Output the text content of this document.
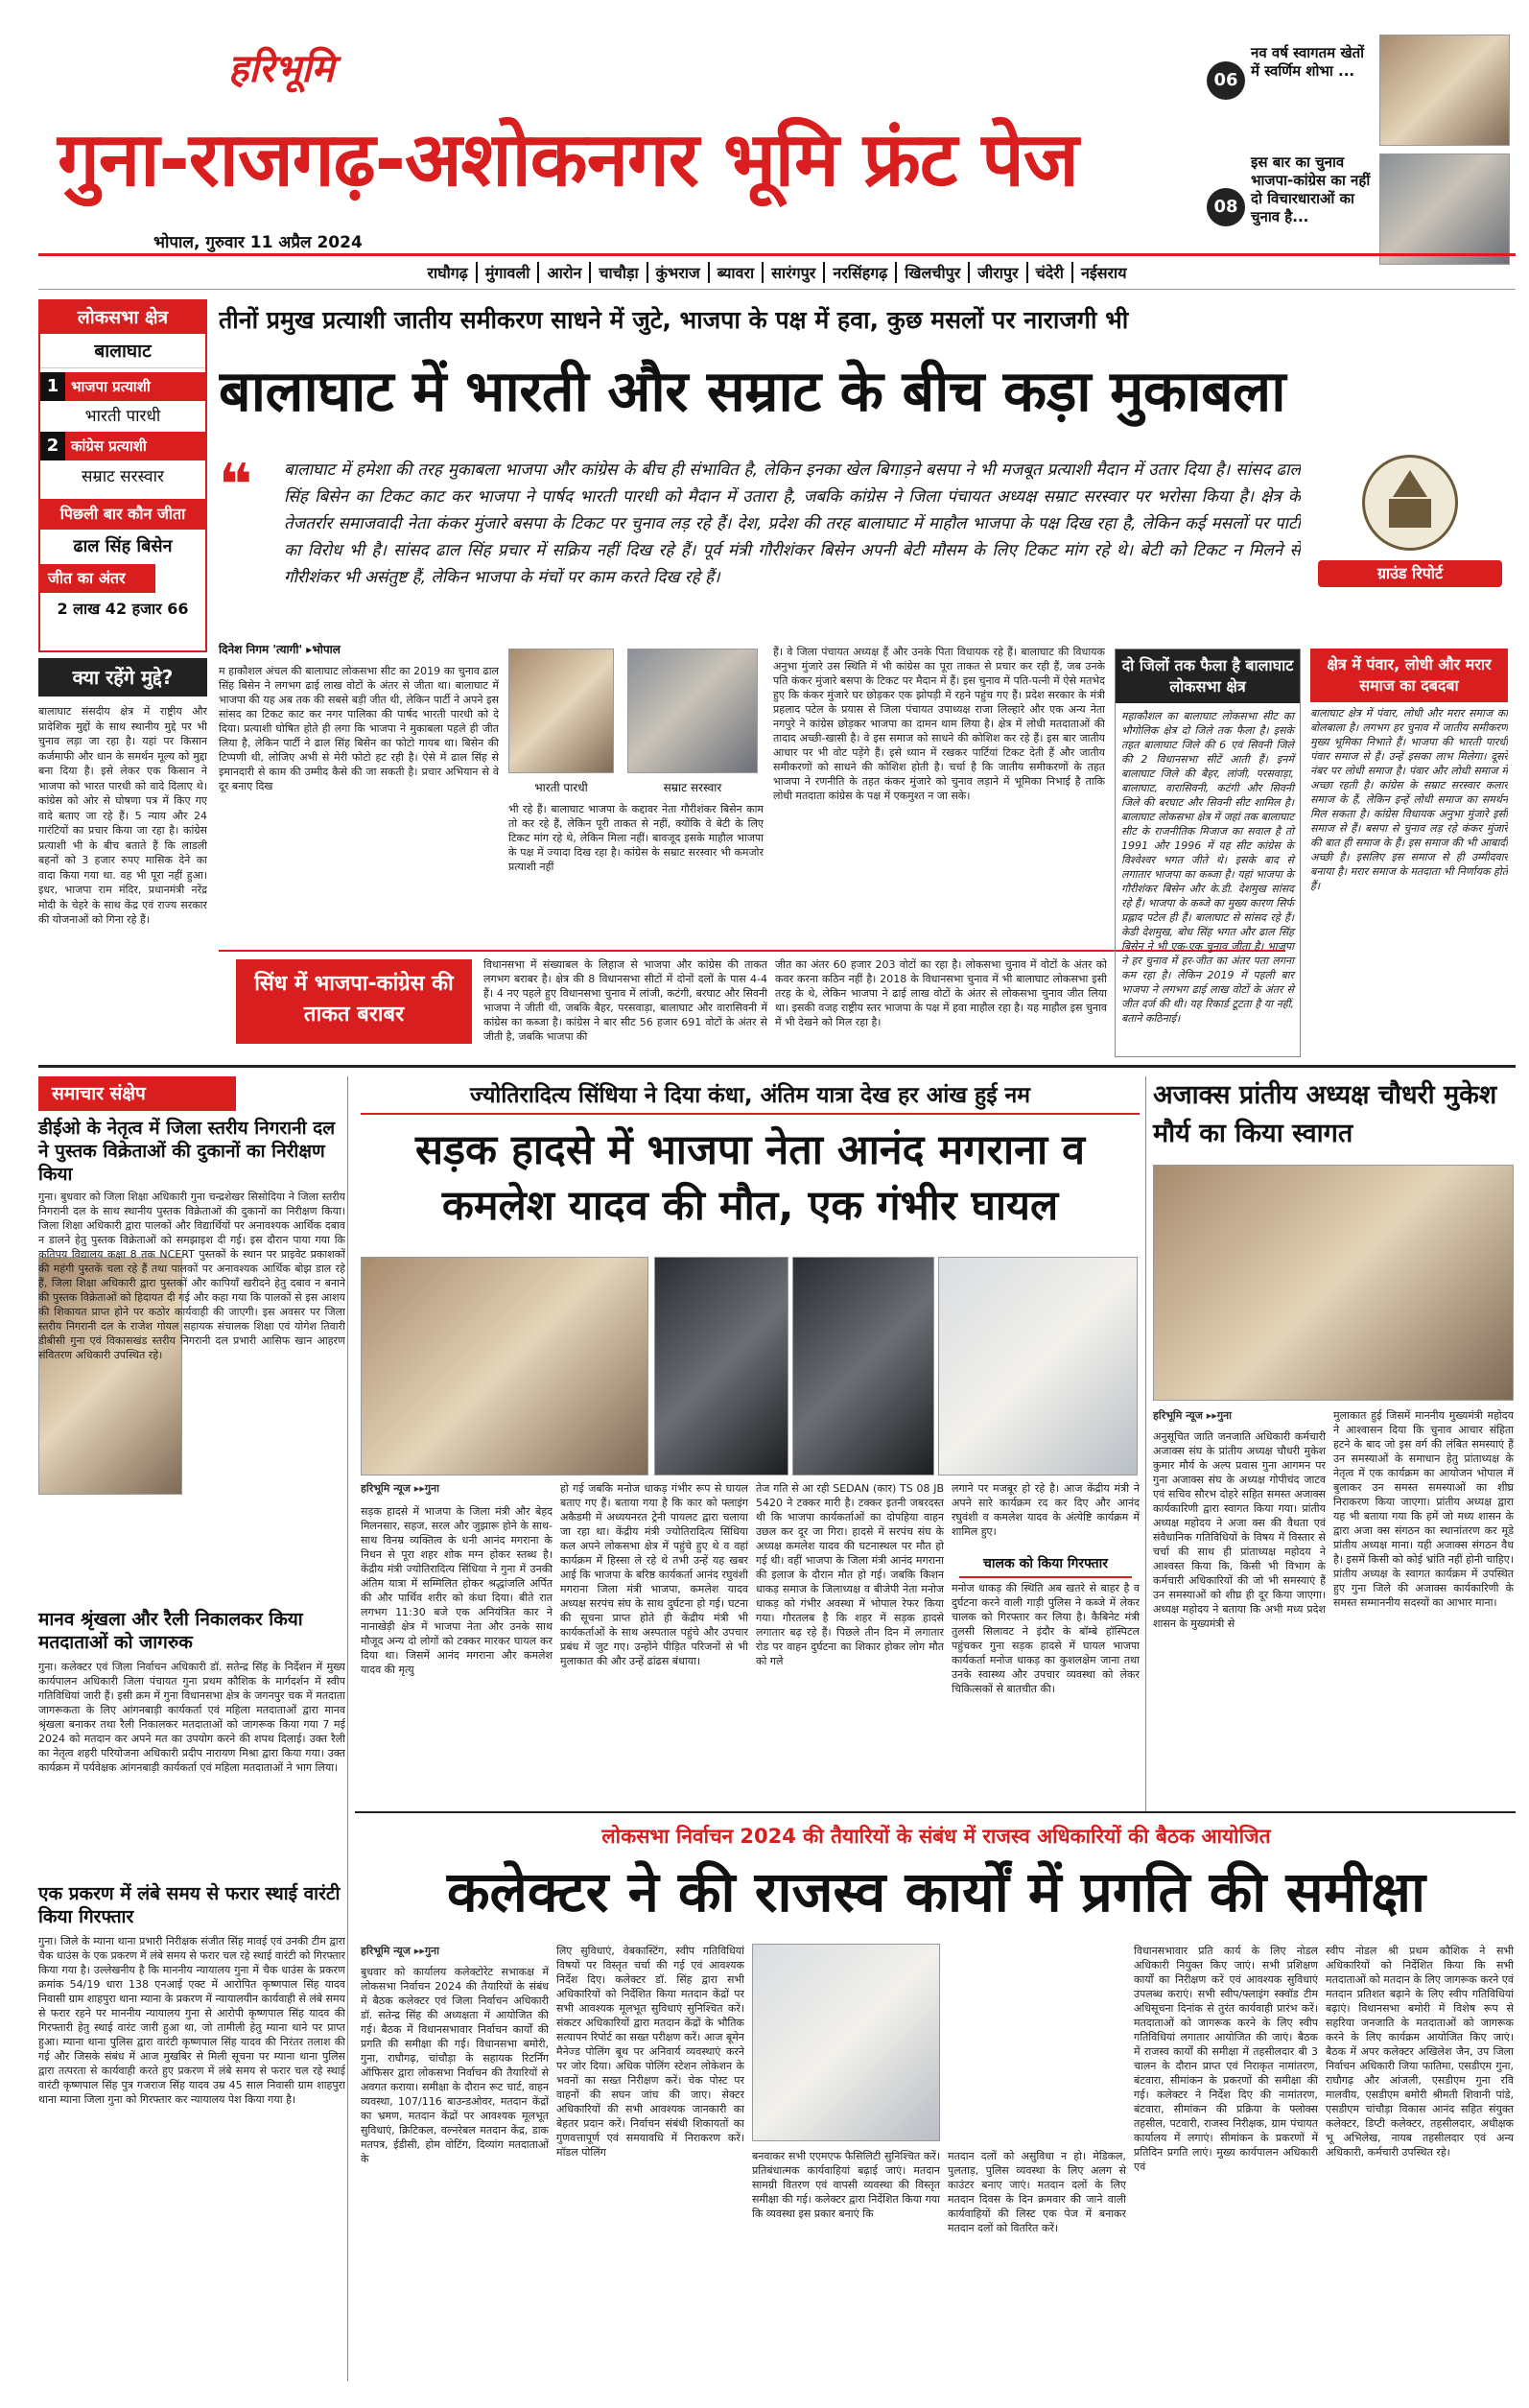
हरिभूमि
गुना-राजगढ़-अशोकनगर भूमि फ्रंट पेज
भोपाल, गुरुवार 11 अप्रैल 2024
06
नव वर्ष स्वागतम खेतों में स्वर्णिम शोभा ...
08
इस बार का चुनाव भाजपा-कांग्रेस का नहीं दो विचारधाराओं का चुनाव है...
राघौगढ़	मुंगावली	आरोन	चाचौड़ा	कुंभराज	ब्यावरा	सारंगपुर	नरसिंहगढ़	खिलचीपुर	जीरापुर	चंदेरी	नईसराय
लोकसभा क्षेत्र
बालाघाट
1 भाजपा प्रत्याशी
भारती पारधी
2 कांग्रेस प्रत्याशी
सम्राट सरस्वार
पिछली बार कौन जीता
ढाल सिंह बिसेन
जीत का अंतर
2 लाख 42 हजार 66
क्या रहेंगे मुद्दे?
बालाघाट संसदीय क्षेत्र में राष्ट्रीय और प्रादेशिक मुद्दों के साथ स्थानीय मुद्दे पर भी चुनाव लड़ा जा रहा है। यहां पर किसान कर्जमाफी और धान के समर्थन मूल्य को मुद्दा बना दिया है। इसे लेकर एक किसान ने भाजपा को भारत पारधी को वादे दिलाए थे। कांग्रेस को ओर से घोषणा पत्र में किए गए वादे बताए जा रहे हैं। 5 न्याय और 24 गारंटियों का प्रचार किया जा रहा है। कांग्रेस प्रत्याशी भी के बीच बताते हैं कि लाडली बहनों को 3 हजार रुपए मासिक देने का वादा किया गया था. वह भी पूरा नहीं हुआ। इधर, भाजपा राम मंदिर, प्रधानमंत्री नरेंद्र मोदी के चेहरे के साथ केंद्र एवं राज्य सरकार की योजनाओं को गिना रहे हैं।
तीनों प्रमुख प्रत्याशी जातीय समीकरण साधने में जुटे, भाजपा के पक्ष में हवा, कुछ मसलों पर नाराजगी भी
बालाघाट में भारती और सम्राट के बीच कड़ा मुकाबला
❝ बालाघाट में हमेशा की तरह मुकाबला भाजपा और कांग्रेस के बीच ही संभावित है, लेकिन इनका खेल बिगाड़ने बसपा ने भी मजबूत प्रत्याशी मैदान में उतार दिया है। सांसद ढाल सिंह बिसेन का टिकट काट कर भाजपा ने पार्षद भारती पारधी को मैदान में उतारा है, जबकि कांग्रेस ने जिला पंचायत अध्यक्ष सम्राट सरस्वार पर भरोसा किया है। क्षेत्र के तेजतर्रार समाजवादी नेता कंकर मुंजारे बसपा के टिकट पर चुनाव लड़ रहे हैं। देश, प्रदेश की तरह बालाघाट में माहौल भाजपा के पक्ष दिख रहा है, लेकिन कई मसलों पर पार्टी का विरोध भी है। सांसद ढाल सिंह प्रचार में सक्रिय नहीं दिख रहे हैं। पूर्व मंत्री गौरीशंकर बिसेन अपनी बेटी मौसम के लिए टिकट मांग रहे थे। बेटी को टिकट न मिलने से गौरीशंकर भी असंतुष्ट हैं, लेकिन भाजपा के मंचों पर काम करते दिख रहे हैं।	ग्राउंड रिपोर्ट
दिनेश निगम 'त्यागी' ▸भोपाल
म हाकौशल अंचल की बालाघाट लोकसभा सीट का 2019 का चुनाव ढाल सिंह बिसेन ने लगभग ढाई लाख वोटों के अंतर से जीता था। बालाघाट में भाजपा की यह अब तक की सबसे बड़ी जीत थी, लेकिन पार्टी ने अपने इस सांसद का टिकट काट कर नगर पालिका की पार्षद भारती पारधी को दे दिया। प्रत्याशी घोषित होते ही लगा कि भाजपा ने मुकाबला पहले ही जीत लिया है, लेकिन पार्टी ने ढाल सिंह बिसेन का फोटो गायब था। बिसेन की टिप्पणी थी, लोजिए अभी से मेरी फोटो हट रही है। ऐसे में ढाल सिंह से इमानदारी से काम की उम्मीद कैसे की जा सकती है। प्रचार अभियान से वे दूर बनाए दिख	भारती पारधी	सम्राट सरस्वार
भी रहे हैं। बालाघाट भाजपा के कद्दावर नेता गौरीशंकर बिसेन काम तो कर रहे हैं, लेकिन पूरी ताकत से नहीं, क्योंकि वे बेटी के लिए टिकट मांग रहे थे, लेकिन मिला नहीं। बावजूद इसके माहौल भाजपा के पक्ष में ज्यादा दिख रहा है। कांग्रेस के सम्राट सरस्वार भी कमजोर प्रत्याशी नहीं
हैं। वे जिला पंचायत अध्यक्ष हैं और उनके पिता विधायक रहे हैं। बालाघाट की विधायक अनुभा मुंजारे उस स्थिति में भी कांग्रेस का पूरा ताकत से प्रचार कर रही हैं, जब उनके पति कंकर मुंजारे बसपा के टिकट पर मैदान में हैं। इस चुनाव में पति-पत्नी में ऐसे मतभेद हुए कि कंकर मुंजारे घर छोड़कर एक झोपड़ी में रहने पहुंच गए हैं। प्रदेश सरकार के मंत्री प्रहलाद पटेल के प्रयास से जिला पंचायत उपाध्यक्ष राजा लिल्हारे और एक अन्य नेता नगपुरे ने कांग्रेस छोड़कर भाजपा का दामन थाम लिया है। क्षेत्र में लोधी मतदाताओं की तादाद अच्छी-खासी है। वे इस समाज को साधने की कोशिश कर रहे हैं। इस बार जातीय आधार पर भी वोट पड़ेंगे हैं। इसे ध्यान में रखकर पार्टियां टिकट देती हैं और जातीय समीकरणों को साधने की कोशिश होती है। चर्चा है कि जातीय समीकरणों के तहत भाजपा ने रणनीति के तहत कंकर मुंजारे को चुनाव लड़ाने में भूमिका निभाई है ताकि लोधी मतदाता कांग्रेस के पक्ष में एकमुश्त न जा सके।
सिंध में भाजपा-कांग्रेस की ताकत बराबर
विधानसभा में संख्याबल के लिहाज से भाजपा और कांग्रेस की ताकत लगभग बराबर है। क्षेत्र की 8 विधानसभा सीटों में दोनों दलों के पास 4-4 हैं। 4 नए पहले हुए विधानसभा चुनाव में लांजी, कटंगी, बरघाट और सिवनी भाजपा ने जीती थी, जबकि बैहर, परसवाड़ा, बालाघाट और वारासिवनी में कांग्रेस का कब्जा है। कांग्रेस ने बार सीट 56 हजार 691 वोटों के अंतर से जीती है, जबकि भाजपा की
जीत का अंतर 60 हजार 203 वोटों का रहा है। लोकसभा चुनाव में वोटों के अंतर को कवर करना कठिन नहीं है। 2018 के विधानसभा चुनाव में भी बालाघाट लोकसभा इसी तरह के थे, लेकिन भाजपा ने ढाई लाख वोटों के अंतर से लोकसभा चुनाव जीत लिया था। इसकी वजह राष्ट्रीय स्तर भाजपा के पक्ष में हवा माहौल रहा है। यह माहौल इस चुनाव में भी देखने को मिल रहा है।
दो जिलों तक फैला है बालाघाट लोकसभा क्षेत्र
महाकौशल का बालाघाट लोकसभा सीट का भौगोलिक क्षेत्र दो जिले तक फैला है। इसके तहत बालाघाट जिले की 6 एवं सिवनी जिले की 2 विधानसभा सीटें आती हैं। इनमें बालाघाट जिले की बैहर, लांजी, परसवाड़ा, बालाघाट, वारासिवनी, कटंगी और सिवनी जिले की बरघाट और सिवनी सीट शामिल है। बालाघाट लोकसभा क्षेत्र में जहां तक बालाघाट सीट के राजनीतिक मिजाज का सवाल है तो 1991 और 1996 में यह सीट कांग्रेस के विश्वेश्वर भगत जीते थे। इसके बाद से लगातार भाजपा का कब्जा है। यहां भाजपा के गौरीशंकर बिसेन और के.डी. देशमुख सांसद रहे हैं। भाजपा के कब्जे का मुख्य कारण सिर्फ प्रह्लाद पटेल ही हैं। बालाघाट से सांसद रहे हैं। केडी देशमुख, बोध सिंह भगत और ढाल सिंह बिसेन ने भी एक-एक चुनाव जीता है। भाजपा ने हर चुनाव में हर-जीत का अंतर पता लगना कम रहा है। लेकिन 2019 में पहली बार भाजपा ने लगभग ढाई लाख वोटों के अंतर से जीत दर्ज की थी। यह रिकार्ड टूटता है या नहीं, बताने कठिनाई।
क्षेत्र में पंवार, लोधी और मरार समाज का दबदबा
बालाघाट क्षेत्र में पंवार, लोधी और मरार समाज का बोलबाला है। लगभग हर चुनाव में जातीय समीकरण मुख्य भूमिका निभाते हैं। भाजपा की भारती पारधी पंवार समाज से हैं। उन्हें इसका लाभ मिलेगा। दूसरे नंबर पर लोधी समाज है। पंवार और लोधी समाज में अच्छा रहती है। कांग्रेस के सम्राट सरस्वार कलार समाज के हैं, लेकिन इन्हें लोधी समाज का समर्थन मिल सकता है। कांग्रेस विधायक अनुभा मुंजारे इसी समाज से हैं। बसपा से चुनाव लड़ रहे कंकर मुंजारे की बात ही समाज के हैं। इस समाज की भी आबादी अच्छी है। इसलिए इस समाज से ही उम्मीदवार बनाया है। मरार समाज के मतदाता भी निर्णायक होते हैं।
समाचार संक्षेप
डीईओ के नेतृत्व में जिला स्तरीय निगरानी दल ने पुस्तक विक्रेताओं की दुकानों का निरीक्षण किया
गुना। बुधवार को जिला शिक्षा अधिकारी गुना चन्द्रशेखर सिसोदिया ने जिला स्तरीय निगरानी दल के साथ स्थानीय पुस्तक विक्रेताओं की दुकानों का निरीक्षण किया। जिला शिक्षा अधिकारी द्वारा पालकों और विद्यार्थियों पर अनावश्यक आर्थिक दबाव न डालने हेतु पुस्तक विक्रेताओं को समझाइश दी गई। इस दौरान पाया गया कि कतिपय विद्यालय कक्षा 8 तक NCERT पुस्तकों के स्थान पर प्राइवेट प्रकाशकों की महंगी पुस्तकें चला रहे हैं तथा पालकों पर अनावश्यक आर्थिक बोझ डाल रहे हैं, जिला शिक्षा अधिकारी द्वारा पुस्तकों और कापियाँ खरीदने हेतु दबाव न बनाने की पुस्तक विक्रेताओं को हिदायत दी गई और कहा गया कि पालकों से इस आशय की शिकायत प्राप्त होने पर कठोर कार्यवाही की जाएगी। इस अवसर पर जिला स्तरीय निगरानी दल के राजेश गोयल सहायक संचालक शिक्षा एवं योगेश तिवारी डीबीसी गुना एवं विकासखंड स्तरीय निगरानी दल प्रभारी आसिफ खान आहरण संवितरण अधिकारी उपस्थित रहे।
मानव श्रृंखला और रैली निकालकर किया मतदाताओं को जागरुक
गुना। कलेक्टर एवं जिला निर्वाचन अधिकारी डॉ. सतेन्द्र सिंह के निर्देशन में मुख्य कार्यपालन अधिकारी जिला पंचायत गुना प्रथम कौशिक के मार्गदर्शन में स्वीप गतिविधियां जारी हैं। इसी क्रम में गुना विधानसभा क्षेत्र के जगनपुर चक में मतदाता जागरूकता के लिए आंगनबाड़ी कार्यकर्ता एवं महिला मतदाताओं द्वारा मानव श्रृंखला बनाकर तथा रैली निकालकर मतदाताओं को जागरूक किया गया 7 मई 2024 को मतदान कर अपने मत का उपयोग करने की शपथ दिलाई। उक्त रैली का नेतृत्व शहरी परियोजना अधिकारी प्रदीप नारायण मिश्रा द्वारा किया गया। उक्त कार्यक्रम में पर्यवेक्षक आंगनबाड़ी कार्यकर्ता एवं महिला मतदाताओं ने भाग लिया।
एक प्रकरण में लंबे समय से फरार स्थाई वारंटी किया गिरफ्तार
गुना। जिले के म्याना थाना प्रभारी निरीक्षक संजीत सिंह मावई एवं उनकी टीम द्वारा चैक धाउंस के एक प्रकरण में लंबे समय से फरार चल रहे स्थाई वारंटी को गिरफ्तार किया गया है। उल्लेखनीय है कि माननीय न्यायालय गुना में चैक धाउंस के प्रकरण क्रमांक 54/19 धारा 138 एनआई एक्ट में आरोपित कृष्णपाल सिंह यादव निवासी ग्राम शाहपुरा थाना म्याना के प्रकरण में न्यायालयीन कार्यवाही से लंबे समय से फरार रहने पर माननीय न्यायालय गुना से आरोपी कृष्णपाल सिंह यादव की गिरफ्तारी हेतु स्थाई वारंट जारी हुआ था, जो तामीली हेतु म्याना थाने पर प्राप्त हुआ। म्याना थाना पुलिस द्वारा वारंटी कृष्णपाल सिंह यादव की निरंतर तलाश की गई और जिसके संबंध में आज मुखबिर से मिली सूचना पर म्याना थाना पुलिस द्वारा तत्परता से कार्यवाही करते हुए प्रकरण में लंबे समय से फरार चल रहे स्थाई वारंटी कृष्णपाल सिंह पुत्र गजराज सिंह यादव उम्र 45 साल निवासी ग्राम शाहपुरा थाना म्याना जिला गुना को गिरफ्तार कर न्यायालय पेश किया गया है।
ज्योतिरादित्य सिंधिया ने दिया कंधा, अंतिम यात्रा देख हर आंख हुई नम
सड़क हादसे में भाजपा नेता आनंद मगराना व कमलेश यादव की मौत, एक गंभीर घायल
हरिभूमि न्यूज ▸▸गुना
सड़क हादसे में भाजपा के जिला मंत्री और बेहद मिलनसार, सहज, सरल और जुझारू होने के साथ-साथ विनम्र व्यक्तित्व के धनी आनंद मगराना के निधन से पूरा शहर शोक मग्न होकर स्तब्ध है। केंद्रीय मंत्री ज्योतिरादित्य सिंधिया ने गुना में उनकी अंतिम यात्रा में सम्मिलित होकर श्रद्धांजलि अर्पित की और पार्थिव शरीर को कंधा दिया। बीते रात लगभग 11:30 बजे एक अनियंत्रित कार ने नानाखेड़ी क्षेत्र में भाजपा नेता और उनके साथ मौजूद अन्य दो लोगों को टक्कर मारकर घायल कर दिया था। जिसमें आनंद मगराना और कमलेश यादव की मृत्यु
हो गई जबकि मनोज धाकड़ गंभीर रूप से घायल बताए गए हैं। बताया गया है कि कार को फ्लाइंग अकैडमी में अध्ययनरत ट्रेनी पायलट द्वारा चलाया जा रहा था। केंद्रीय मंत्री ज्योतिरादित्य सिंधिया कल अपने लोकसभा क्षेत्र में पहुंचे हुए थे व वहां कार्यक्रम में हिस्सा ले रहे थे तभी उन्हें यह खबर आई कि भाजपा के बरिष्ठ कार्यकर्ता आनंद रघुवंशी मगराना जिला मंत्री भाजपा, कमलेश यादव अध्यक्ष सरपंच संघ के साथ दुर्घटना हो गई। घटना की सूचना प्राप्त होते ही केंद्रीय मंत्री भी कार्यकर्ताओं के साथ अस्पताल पहुंचे और उपचार प्रबंध में जुट गए। उन्होंने पीड़ित परिजनों से भी मुलाकात की और उन्हें ढांढस बंधाया।
तेज गति से आ रही SEDAN (कार) TS 08 JB 5420 ने टक्कर मारी है। टक्कर इतनी जबरदस्त थी कि भाजपा कार्यकर्ताओं का दोपहिया वाहन उछल कर दूर जा गिरा। हादसे में सरपंच संघ के अध्यक्ष कमलेश यादव की घटनास्थल पर मौत हो गई थी। वहीं भाजपा के जिला मंत्री आनंद मगराना की इलाज के दौरान मौत हो गई। जबकि किशन धाकड़ समाज के जिलाध्यक्ष व बीजेपी नेता मनोज धाकड़ को गंभीर अवस्था में भोपाल रेफर किया गया। गौरतलब है कि शहर में सड़क हादसे लगातार बढ़ रहे हैं। पिछले तीन दिन में लगातार रोड पर वाहन दुर्घटना का शिकार होकर लोग मौत को गले
लगाने पर मजबूर हो रहे है। आज केंद्रीय मंत्री ने अपने सारे कार्यक्रम रद कर दिए और आनंद रघुवंशी व कमलेश यादव के अंत्येष्टि कार्यक्रम में शामिल हुए।
चालक को किया गिरफ्तार
मनोज धाकड़ की स्थिति अब खतरे से बाहर है व दुर्घटना करने वाली गाड़ी पुलिस ने कब्जे में लेकर चालक को गिरफ्तार कर लिया है। कैबिनेट मंत्री तुलसी सिलावट ने इंदौर के बॉम्बे हॉस्पिटल पहुंचकर गुना सड़क हादसे में घायल भाजपा कार्यकर्ता मनोज धाकड़ का कुशलक्षेम जाना तथा उनके स्वास्थ्य और उपचार व्यवस्था को लेकर चिकित्सकों से बातचीत की।
अजाक्स प्रांतीय अध्यक्ष चौधरी मुकेश मौर्य का किया स्वागत
हरिभूमि न्यूज ▸▸गुना
अनुसूचित जाति जनजाति अधिकारी कर्मचारी अजाक्स संघ के प्रांतीय अध्यक्ष चौधरी मुकेश कुमार मौर्य के अल्प प्रवास गुना आगमन पर गुना अजाक्स संघ के अध्यक्ष गोपीचंद जाटव एवं सचिव सौरभ दोहरे सहित समस्त अजाक्स कार्यकारिणी द्वारा स्वागत किया गया। प्रांतीय अध्यक्ष महोदय ने अजा क्स की वैधता एवं संवैधानिक गतिविधियों के विषय में विस्तार से चर्चा की साथ ही प्रांताध्यक्ष महोदय ने आश्वस्त किया कि, किसी भी विभाग के कर्मचारी अधिकारियों की जो भी समस्याएं हैं उन समस्याओं को शीघ्र ही दूर किया जाएगा। अध्यक्ष महोदय ने बताया कि अभी मध्य प्रदेश शासन के मुख्यमंत्री से
मुलाकात हुई जिसमें माननीय मुख्यमंत्री महोदय ने आश्वासन दिया कि चुनाव आचार संहिता हटने के बाद जो इस वर्ग की लंबित समस्याएं हैं उन समस्याओं के समाधान हेतु प्रांताध्यक्ष के नेतृत्व में एक कार्यक्रम का आयोजन भोपाल में बुलाकर उन समस्त समस्याओं का शीघ्र निराकरण किया जाएगा। प्रांतीय अध्यक्ष द्वारा यह भी बताया गया कि हमें जो मध्य शासन के द्वारा अजा क्स संगठन का स्थानांतरण कर मूडे प्रांतीय अध्यक्ष माना। यही अजाक्स संगठन वैध है। इसमें किसी को कोई भ्रांति नहीं होनी चाहिए। प्रांतीय अध्यक्ष के स्वागत कार्यक्रम में उपस्थित हुए गुना जिले की अजाक्स कार्यकारिणी के समस्त सम्माननीय सदस्यों का आभार माना।
लोकसभा निर्वाचन 2024 की तैयारियों के संबंध में राजस्व अधिकारियों की बैठक आयोजित
कलेक्टर ने की राजस्व कार्यों में प्रगति की समीक्षा
हरिभूमि न्यूज ▸▸गुना
बुधवार को कार्यालय कलेक्टोरेट सभाकक्ष में लोकसभा निर्वाचन 2024 की तैयारियों के संबंध में बैठक कलेक्टर एवं जिला निर्वाचन अधिकारी डॉ. सतेन्द्र सिंह की अध्यक्षता में आयोजित की गई। बैठक में विधानसभावार निर्वाचन कार्यों की प्रगति की समीक्षा की गई। विधानसभा बमोरी, गुना, राघौगढ़, चांचौड़ा के सहायक रिटर्निंग ऑफिसर द्वारा लोकसभा निर्वाचन की तैयारियों से अवगत कराया। समीक्षा के दौरान रूट चार्ट, वाहन व्यवस्था, 107/116 बाउन्डओवर, मतदान केंद्रों का भ्रमण, मतदान केंद्रों पर आवश्यक मूलभूत सुविधाएं, क्रिटिकल, वल्नरेबल मतदान केंद्र, डाक मतपत्र, ईडीसी, होम वोटिंग, दिव्यांग मतदाताओं के
लिए सुविधाएं, वेबकास्टिंग, स्वीप गतिविधियां विषयों पर विस्तृत चर्चा की गई एवं आवश्यक निर्देश दिए। कलेक्टर डॉ. सिंह द्वारा सभी अधिकारियों को निर्देशित किया मतदान केंद्रों पर सभी आवश्यक मूलभूत सुविधाएं सुनिश्चित करें। संकटर अधिकारियों द्वारा मतदान केंद्रों के भौतिक सत्यापन रिपोर्ट का सख्त परीक्षण करें। आज बूमेन मैनेज्ड पोलिंग बूथ पर अनिवार्य व्यवस्थाएं करने पर जोर दिया। अधिक पोलिंग स्टेशन लोकेशन के भवनों का सख्त निरीक्षण करें। चेक पोस्ट पर वाहनों की सघन जांच की जाए। सेक्टर अधिकारियों की सभी आवश्यक जानकारी का बेहतर प्रदान करें। निर्वाचन संबंधी शिकायतों का गुणवत्तापूर्ण एवं समयावधि में निराकरण करें। मॉडल पोलिंग	बनवाकर सभी एएमएफ फैसिलिटी सुनिश्चित करें। प्रतिबंधात्मक कार्यवाहियां बढ़ाई जाएं। मतदान सामग्री वितरण एवं वापसी व्यवस्था की विस्तृत समीक्षा की गई। कलेक्टर द्वारा निर्देशित किया गया कि व्यवस्था इस प्रकार बनाएं कि
मतदान दलों को असुविधा न हो। मेडिकल, पुलताड़, पुलिस व्यवस्था के लिए अलग से काउंटर बनाए जाएं। मतदान दलों के लिए मतदान दिवस के दिन क्रमवार की जाने वाली कार्यवाहियों की लिस्ट एक पेज में बनाकर मतदान दलों को वितरित करें।
विधानसभावार प्रति कार्य के लिए नोडल अधिकारी नियुक्त किए जाएं। सभी प्रशिक्षण कार्यों का निरीक्षण करें एवं आवश्यक सुविधाएं उपलब्ध कराएं। सभी स्वीप/फ्लाइंग स्क्वॉड टीम अधिसूचना दिनांक से तुरंत कार्यवाही प्रारंभ करें। मतदाताओं को जागरूक करने के लिए स्वीप गतिविधियां लगातार आयोजित की जाएं। बैठक में राजस्व कार्यों की समीक्षा में तहसीलदार बी 3 चालन के दौरान प्राप्त एवं निराकृत नामांतरण, बंटवारा, सीमांकन के प्रकरणों की समीक्षा की गई। कलेक्टर ने निर्देश दिए की नामांतरण, बंटवारा, सीमांकन की प्रक्रिया के फ्लोक्स तहसील, पटवारी, राजस्व निरीक्षक, ग्राम पंचायत कार्यालय में लगाएं। सीमांकन के प्रकरणों में प्रतिदिन प्रगति लाएं। मुख्य कार्यपालन अधिकारी एवं
स्वीप नोडल श्री प्रथम कौशिक ने सभी अधिकारियों को निर्देशित किया कि सभी मतदाताओं को मतदान के लिए जागरूक करने एवं मतदान प्रतिशत बढ़ाने के लिए स्वीप गतिविधियां बढ़ाएं। विधानसभा बमोरी में विशेष रूप से सहरिया जनजाति के मतदाताओं को जागरूक करने के लिए कार्यक्रम आयोजित किए जाएं। बैठक में अपर कलेक्टर अखिलेश जैन, उप जिला निर्वाचन अधिकारी जिया फातिमा, एसडीएम गुना, राघौगढ़ और आंजली, एसडीएम गुना रवि मालवीय, एसडीएम बमोरी श्रीमती शिवानी पांडे, एसडीएम चांचौड़ा विकास आनंद सहित संयुक्त कलेक्टर, डिप्टी कलेक्टर, तहसीलदार, अधीक्षक भू अभिलेख, नायब तहसीलदार एवं अन्य अधिकारी, कर्मचारी उपस्थित रहे।
